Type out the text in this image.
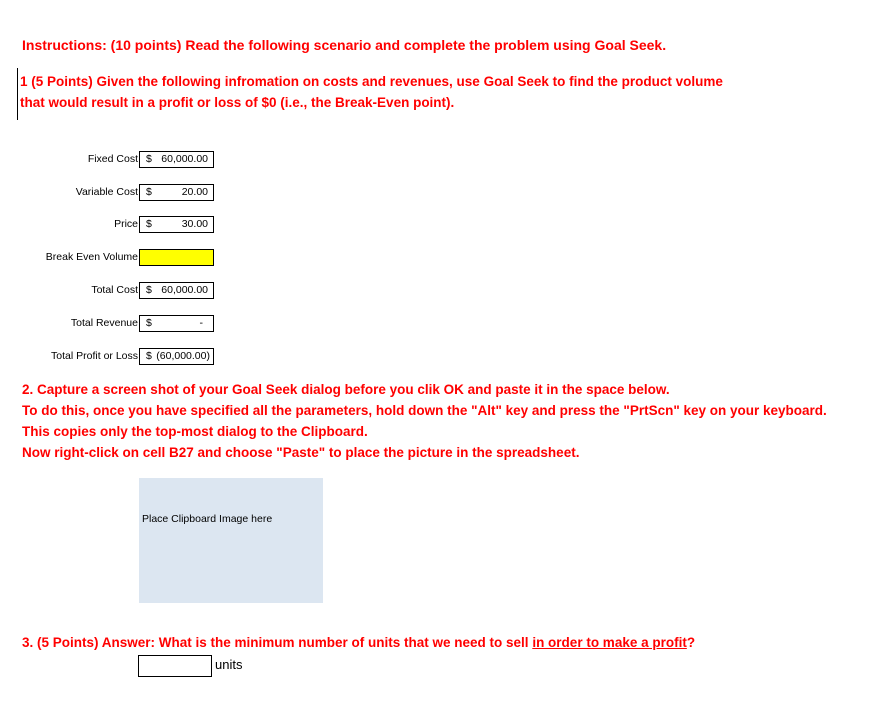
Instructions: (10 points) Read the following scenario and complete the problem using Goal Seek.
1 (5 Points) Given the following infromation on costs and revenues, use Goal Seek to find the product volume
that would result in a profit or loss of $0 (i.e., the Break-Even point).
Fixed Cost $ 60,000.00
Variable Cost $	20.00
Price $	30.00
Break Even Volume
Total Cost $ 60,000.00
Total Revenue $	-
Total Profit or Loss $ (60,000.00)
2. Capture a screen shot of your Goal Seek dialog before you clik OK and paste it in the space below.
To do this, once you have specified all the parameters, hold down the "Alt" key and press the "PrtScn" key on your keyboard.
This copies only the top-most dialog to the Clipboard.
Now right-click on cell B27 and choose "Paste" to place the picture in the spreadsheet.
Place Clipboard Image here
3. (5 Points) Answer: What is the minimum number of units that we need to sell in order to make a profit?
units
